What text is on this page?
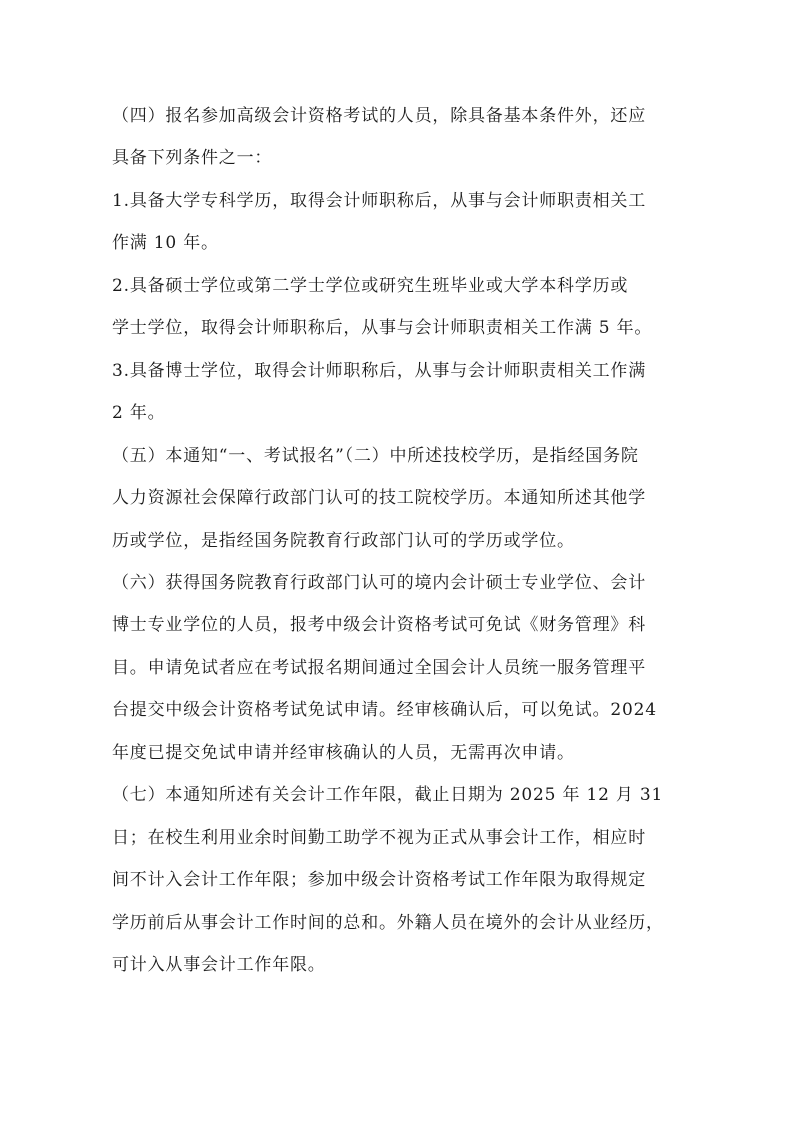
（四）报名参加高级会计资格考试的人员，除具备基本条件外，还应
具备下列条件之一：
1.具备大学专科学历，取得会计师职称后，从事与会计师职责相关工
作满 10 年。
2.具备硕士学位或第二学士学位或研究生班毕业或大学本科学历或
学士学位，取得会计师职称后，从事与会计师职责相关工作满 5 年。
3.具备博士学位，取得会计师职称后，从事与会计师职责相关工作满
2 年。
（五）本通知“一、考试报名”（二）中所述技校学历，是指经国务院
人力资源社会保障行政部门认可的技工院校学历。本通知所述其他学
历或学位，是指经国务院教育行政部门认可的学历或学位。
（六）获得国务院教育行政部门认可的境内会计硕士专业学位、会计
博士专业学位的人员，报考中级会计资格考试可免试《财务管理》科
目。申请免试者应在考试报名期间通过全国会计人员统一服务管理平
台提交中级会计资格考试免试申请。经审核确认后，可以免试。2024
年度已提交免试申请并经审核确认的人员，无需再次申请。
（七）本通知所述有关会计工作年限，截止日期为 2025 年 12 月 31
日；在校生利用业余时间勤工助学不视为正式从事会计工作，相应时
间不计入会计工作年限；参加中级会计资格考试工作年限为取得规定
学历前后从事会计工作时间的总和。外籍人员在境外的会计从业经历，
可计入从事会计工作年限。
